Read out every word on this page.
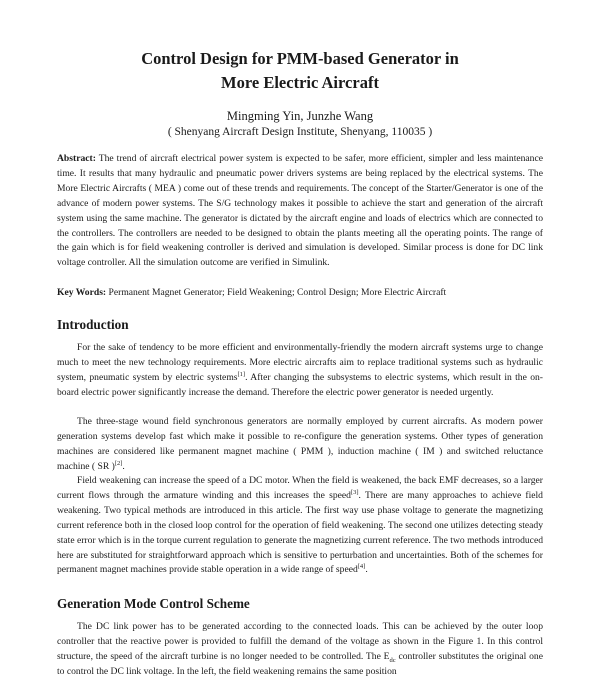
Control Design for PMM-based Generator in
More Electric Aircraft
Mingming Yin, Junzhe Wang
( Shenyang Aircraft Design Institute, Shenyang, 110035 )

Abstract: The trend of aircraft electrical power system is expected to be safer, more efficient, simpler and less maintenance time. It results that many hydraulic and pneumatic power drivers systems are being replaced by the electrical systems. The More Electric Aircrafts ( MEA ) come out of these trends and requirements. The concept of the Starter/Generator is one of the advance of modern power systems. The S/G technology makes it possible to achieve the start and generation of the aircraft system using the same machine. The generator is dictated by the aircraft engine and loads of electrics which are connected to the controllers. The controllers are needed to be designed to obtain the plants meeting all the operating points. The range of the gain which is for field weakening controller is derived and simulation is developed. Similar process is done for DC link voltage controller. All the simulation outcome are verified in Simulink.

Key Words: Permanent Magnet Generator; Field Weakening; Control Design; More Electric Aircraft

Introduction

For the sake of tendency to be more efficient and environmentally-friendly the modern aircraft systems urge to change much to meet the new technology requirements. More electric aircrafts aim to replace traditional systems such as hydraulic system, pneumatic system by electric systems[1]. After changing the subsystems to electric systems, which result in the on-board electric power significantly increase the demand. Therefore the electric power generator is needed urgently.

The three-stage wound field synchronous generators are normally employed by current aircrafts. As modern power generation systems develop fast which make it possible to re-configure the generation systems. Other types of generation machines are considered like permanent magnet machine ( PMM ), induction machine ( IM ) and switched reluctance machine ( SR )[2].

Field weakening can increase the speed of a DC motor. When the field is weakened, the back EMF decreases, so a larger current flows through the armature winding and this increases the speed[3]. There are many approaches to achieve field weakening. Two typical methods are introduced in this article. The first way use phase voltage to generate the magnetizing current reference both in the closed loop control for the operation of field weakening. The second one utilizes detecting steady state error which is in the torque current regulation to generate the magnetizing current reference. The two methods introduced here are substituted for straightforward approach which is sensitive to perturbation and uncertainties. Both of the schemes for permanent magnet machines provide stable operation in a wide range of speed[4].

Generation Mode Control Scheme

The DC link power has to be generated according to the connected loads. This can be achieved by the outer loop controller that the reactive power is provided to fulfill the demand of the voltage as shown in the Figure 1. In this control structure, the speed of the aircraft turbine is no longer needed to be controlled. The $E_{dc}$ controller substitutes the original one to control the DC link voltage. In the left, the field weakening remains the same position
